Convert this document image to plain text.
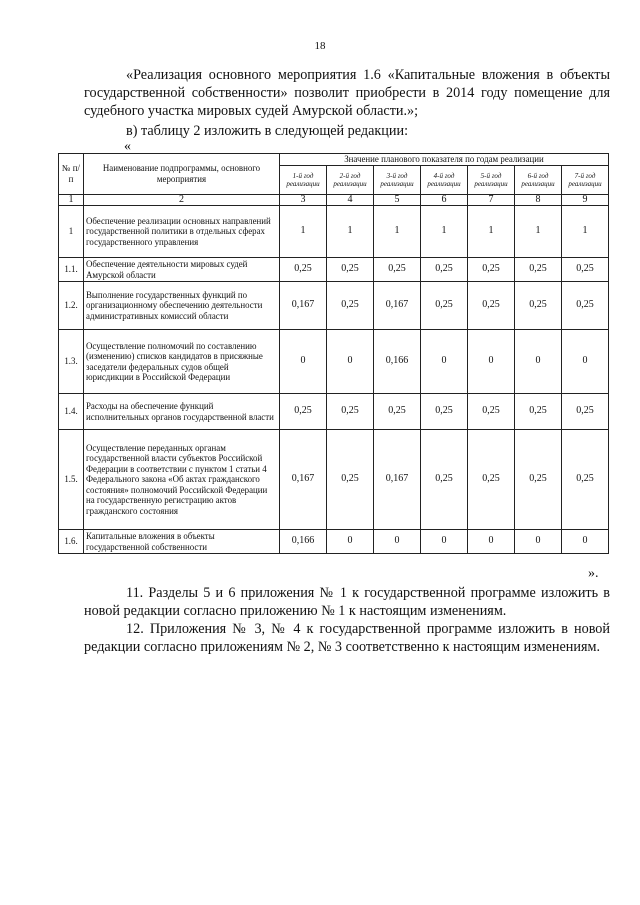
18
«Реализация основного мероприятия 1.6 «Капитальные вложения в объекты государственной собственности» позволит приобрести в 2014 году помещение для судебного участка мировых судей Амурской области.»;
в) таблицу 2 изложить в следующей редакции:
«
№ п/п	Наименование подпрограммы, основного мероприятия	Значение планового показателя по годам реализации						
		1-й год реализации	2-й год реализации	3-й год реализации	4-й год реализации	5-й год реализации	6-й год реализации	7-й год реализации
1	2	3	4	5	6	7	8	9
1	Обеспечение реализации основных направлений государственной политики в отдельных сферах государственного управления	1	1	1	1	1	1	1
1.1.	Обеспечение деятельности мировых судей Амурской области	0,25	0,25	0,25	0,25	0,25	0,25	0,25
1.2.	Выполнение государственных функций по организационному обеспечению деятельности административных комиссий области	0,167	0,25	0,167	0,25	0,25	0,25	0,25
1.3.	Осуществление полномочий по составлению (изменению) списков кандидатов в присяжные заседатели федеральных судов общей юрисдикции в Российской Федерации	0	0	0,166	0	0	0	0
1.4.	Расходы на обеспечение функций исполнительных органов государственной власти	0,25	0,25	0,25	0,25	0,25	0,25	0,25
1.5.	Осуществление переданных органам государственной власти субъектов Российской Федерации в соответствии с пунктом 1 статьи 4 Федерального закона «Об актах гражданского состояния» полномочий Российской Федерации на государственную регистрацию актов гражданского состояния	0,167	0,25	0,167	0,25	0,25	0,25	0,25
1.6.	Капитальные вложения в объекты государственной собственности	0,166	0	0	0	0	0	0
».
11. Разделы 5 и 6 приложения № 1 к государственной программе изложить в новой редакции согласно приложению № 1 к настоящим изменениям.
12. Приложения № 3, № 4 к государственной программе изложить в новой редакции согласно приложениям № 2, № 3 соответственно к настоящим изменениям.
